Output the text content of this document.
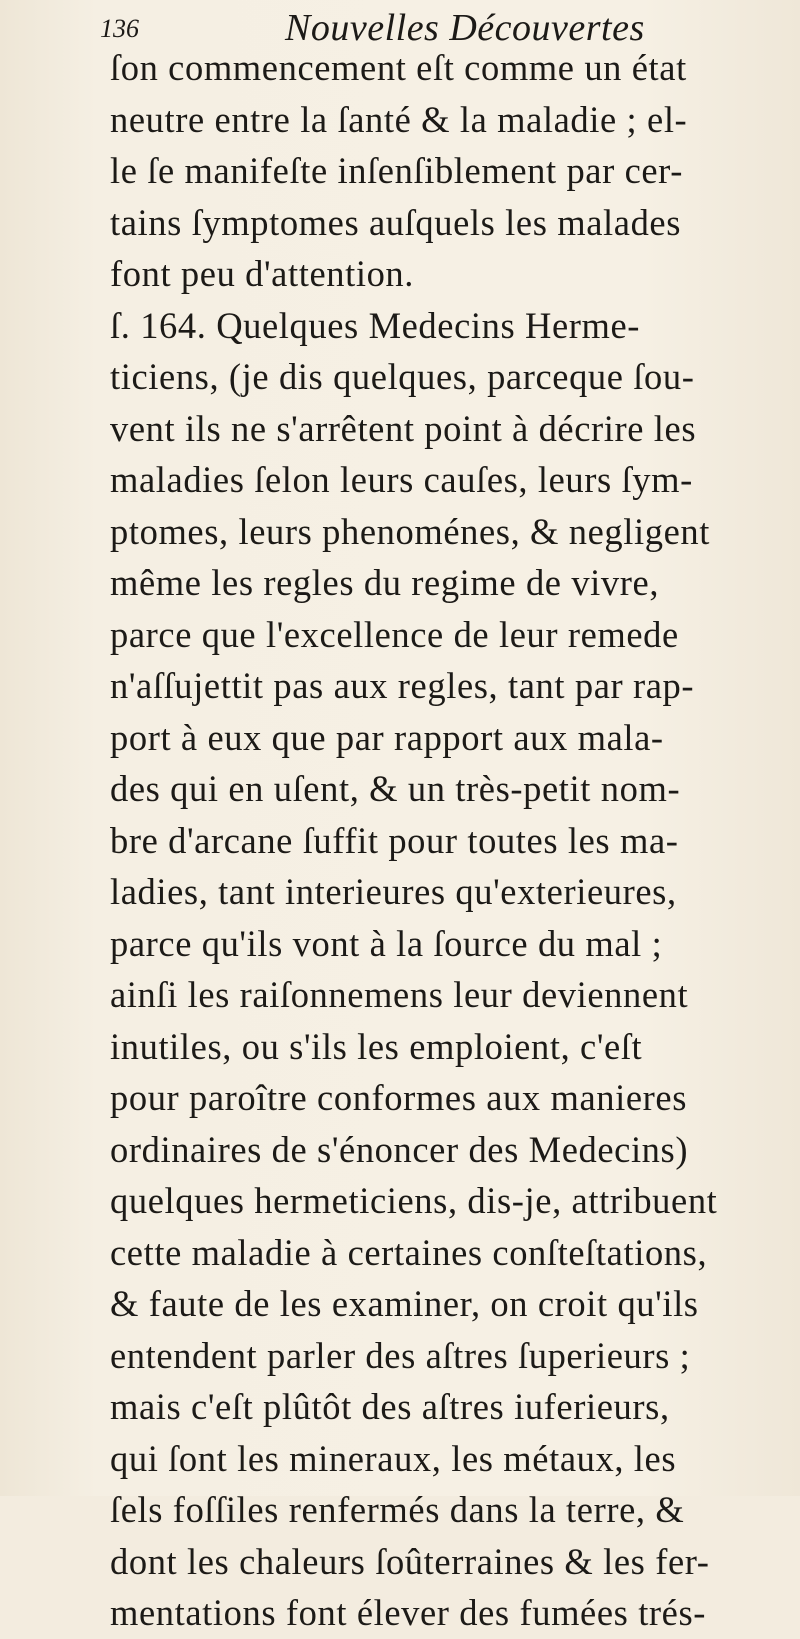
136	Nouvelles Découvertes
ſon commencement eſt comme un état
neutre entre la ſanté & la maladie ; el-
le ſe manifeſte inſenſiblement par cer-
tains ſymptomes auſquels les malades
font peu d'attention.
ſ. 164. Quelques Medecins Herme-
ticiens, (je dis quelques, parceque ſou-
vent ils ne s'arrêtent point à décrire les
maladies ſelon leurs cauſes, leurs ſym-
ptomes, leurs phenoménes, & negligent
même les regles du regime de vivre,
parce que l'excellence de leur remede
n'aſſujettit pas aux regles, tant par rap-
port à eux que par rapport aux mala-
des qui en uſent, & un très-petit nom-
bre d'arcane ſuffit pour toutes les ma-
ladies, tant interieures qu'exterieures,
parce qu'ils vont à la ſource du mal ;
ainſi les raiſonnemens leur deviennent
inutiles, ou s'ils les emploient, c'eſt
pour paroître conformes aux manieres
ordinaires de s'énoncer des Medecins)
quelques hermeticiens, dis-je, attribuent
cette maladie à certaines conſteſtations,
& faute de les examiner, on croit qu'ils
entendent parler des aſtres ſuperieurs ;
mais c'eſt plûtôt des aſtres iuferieurs,
qui ſont les mineraux, les métaux, les
ſels foſſiles renfermés dans la terre, &
dont les chaleurs ſoûterraines & les fer-
mentations font élever des fumées trés-
